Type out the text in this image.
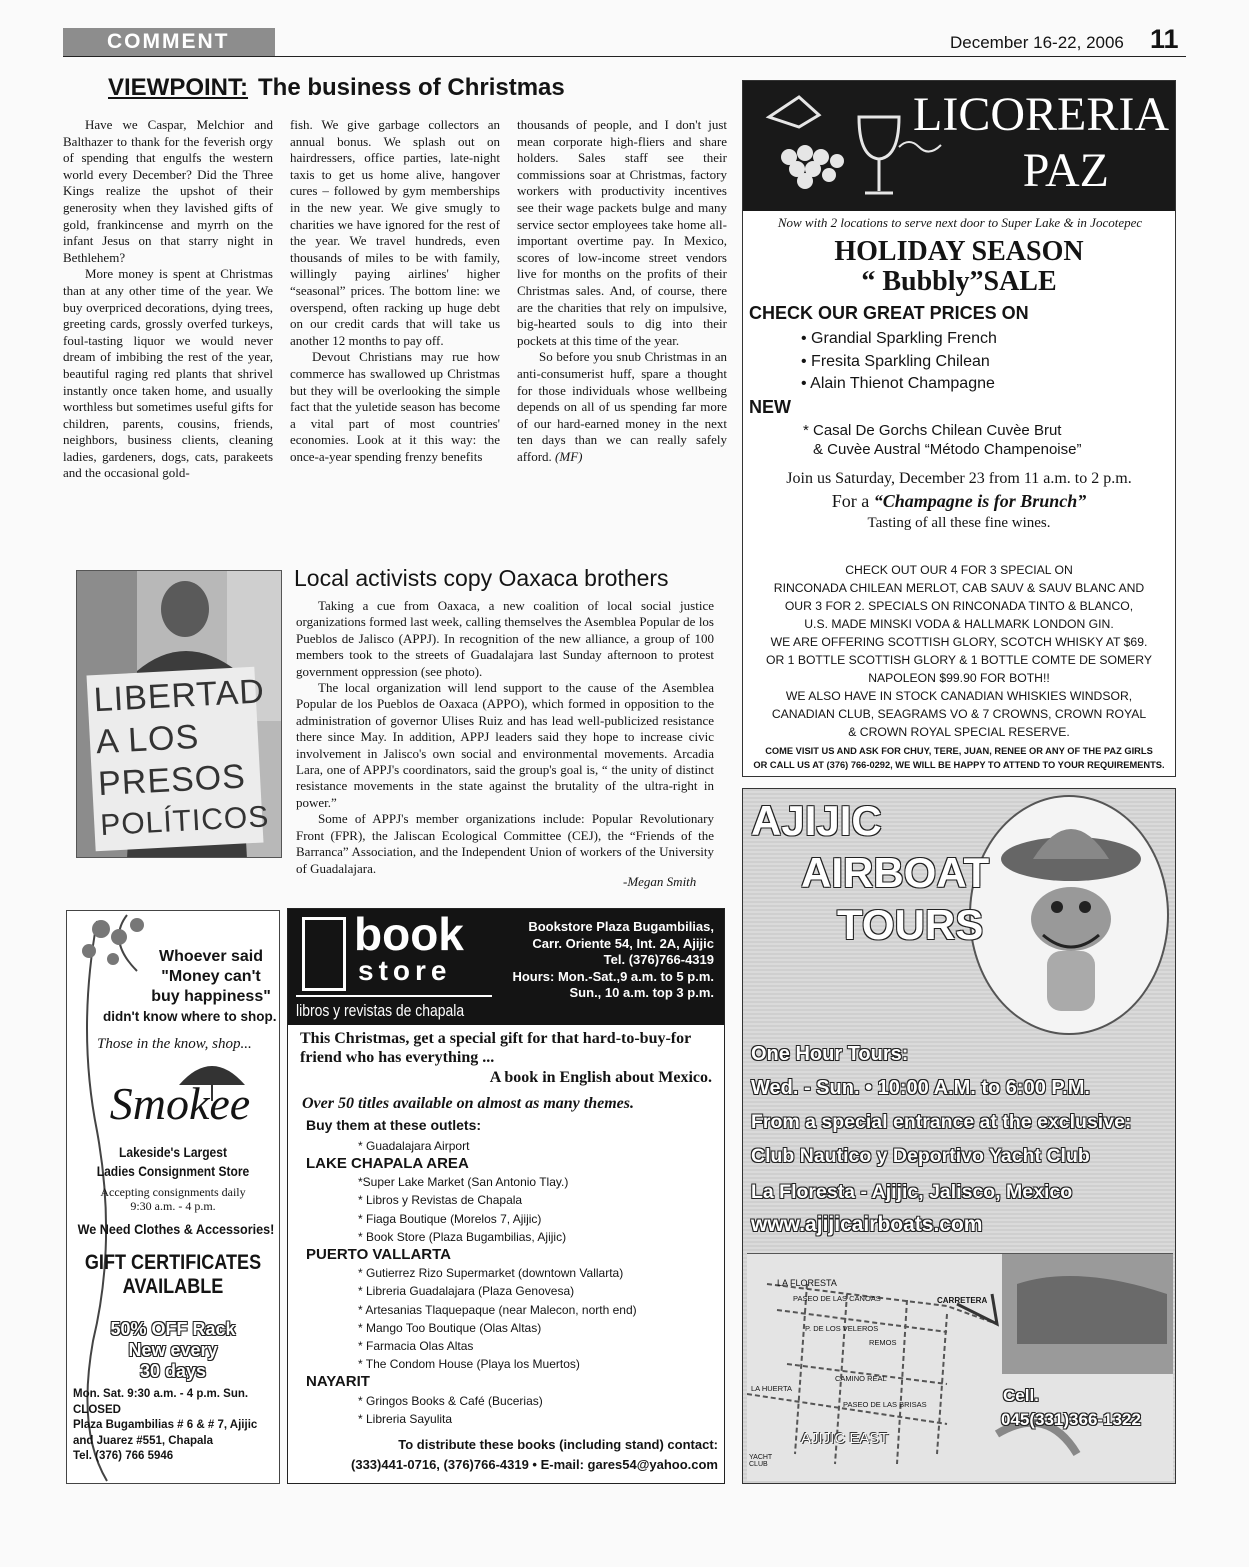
COMMENT	December 16-22, 2006 11
VIEWPOINT: The business of Christmas

Have we Caspar, Melchior and Balthazer to thank for the feverish orgy of spending that engulfs the western world every December? Did the Three Kings realize the upshot of their generosity when they lavished gifts of gold, frankincense and myrrh on the infant Jesus on that starry night in Bethlehem?

More money is spent at Christmas than at any other time of the year. We buy overpriced decorations, dying trees, greeting cards, grossly overfed turkeys, foul-tasting liquor we would never dream of imbibing the rest of the year, beautiful raging red plants that shrivel instantly once taken home, and usually worthless but sometimes useful gifts for children, parents, cousins, friends, neighbors, business clients, cleaning ladies, gardeners, dogs, cats, parakeets and the occasional gold-

fish. We give garbage collectors an annual bonus. We splash out on hairdressers, office parties, late-night taxis to get us home alive, hangover cures – followed by gym memberships in the new year. We give smugly to charities we have ignored for the rest of the year. We travel hundreds, even thousands of miles to be with family, willingly paying airlines' higher “seasonal” prices. The bottom line: we overspend, often racking up huge debt on our credit cards that will take us another 12 months to pay off.

Devout Christians may rue how commerce has swallowed up Christmas but they will be overlooking the simple fact that the yuletide season has become a vital part of most countries' economies. Look at it this way: the once-a-year spending frenzy benefits

thousands of people, and I don't just mean corporate high-fliers and share holders. Sales staff see their commissions soar at Christmas, factory workers with productivity incentives see their wage packets bulge and many service sector employees take home all-important overtime pay. In Mexico, scores of low-income street vendors live for months on the profits of their Christmas sales. And, of course, there are the charities that rely on impulsive, big-hearted souls to dig into their pockets at this time of the year.

So before you snub Christmas in an anti-consumerist huff, spare a thought for those individuals whose wellbeing depends on all of us spending far more of our hard-earned money in the next ten days than we can really safely afford. (MF)

LIBERTAD
A LOS
PRESOS
POLÍTICOS
Local activists copy Oaxaca brothers

Taking a cue from Oaxaca, a new coalition of local social justice organizations formed last week, calling themselves the Asemblea Popular de los Pueblos de Jalisco (APPJ). In recognition of the new alliance, a group of 100 members took to the streets of Guadalajara last Sunday afternoon to protest government oppression (see photo).

The local organization will lend support to the cause of the Asemblea Popular de los Pueblos de Oaxaca (APPO), which formed in opposition to the administration of governor Ulises Ruiz and has lead well-publicized resistance there since May. In addition, APPJ leaders said they hope to increase civic involvement in Jalisco's own social and environmental movements. Arcadia Lara, one of APPJ's coordinators, said the group's goal is, “ the unity of distinct resistance movements in the state against the brutality of the ultra-right in power.”

Some of APPJ's member organizations include: Popular Revolutionary Front (FPR), the Jaliscan Ecological Committee (CEJ), the “Friends of the Barranca” Association, and the Independent Union of workers of the University of Guadalajara.

-Megan Smith
LICORERIA
PAZ
Now with 2 locations to serve next door to Super Lake & in Jocotepec
HOLIDAY SEASON
“ Bubbly”SALE
CHECK OUR GREAT PRICES ON
• Grandial Sparkling French
• Fresita Sparkling Chilean
• Alain Thienot Champagne
NEW
* Casal De Gorchs Chilean Cuvèe Brut
& Cuvèe Austral “Método Champenoise”
Join us Saturday, December 23 from 11 a.m. to 2 p.m.
For a “Champagne is for Brunch”
Tasting of all these fine wines.
CHECK OUT OUR 4 FOR 3 SPECIAL ON
RINCONADA CHILEAN MERLOT, CAB SAUV & SAUV BLANC AND
OUR 3 FOR 2. SPECIALS ON RINCONADA TINTO & BLANCO,
U.S. MADE MINSKI VODA & HALLMARK LONDON GIN.
WE ARE OFFERING SCOTTISH GLORY, SCOTCH WHISKY AT $69.
OR 1 BOTTLE SCOTTISH GLORY & 1 BOTTLE COMTE DE SOMERY
NAPOLEON $99.90 FOR BOTH!!
WE ALSO HAVE IN STOCK CANADIAN WHISKIES WINDSOR,
CANADIAN CLUB, SEAGRAMS VO & 7 CROWNS, CROWN ROYAL
& CROWN ROYAL SPECIAL RESERVE.
COME VISIT US AND ASK FOR CHUY, TERE, JUAN, RENEE OR ANY OF THE PAZ GIRLS
OR CALL US AT (376) 766-0292, WE WILL BE HAPPY TO ATTEND TO YOUR REQUIREMENTS.
Whoever said
"Money can't
buy happiness"
didn't know where to shop.
Those in the know, shop...
Smokee
Lakeside's Largest
Ladies Consignment Store
Accepting consignments daily
9:30 a.m. - 4 p.m.
We Need Clothes & Accessories!
GIFT CERTIFICATES
AVAILABLE
50% OFF Rack
New every
30 days
Mon. Sat. 9:30 a.m. - 4 p.m. Sun.
CLOSED
Plaza Bugambilias # 6 & # 7, Ajijic
and Juarez #551, Chapala
Tel. (376) 766 5946
book
store
libros y revistas de chapala
Bookstore Plaza Bugambilias,
Carr. Oriente 54, Int. 2A, Ajijic
Tel. (376)766-4319
Hours: Mon.-Sat.,9 a.m. to 5 p.m.
Sun., 10 a.m. top 3 p.m.
This Christmas, get a special gift for that hard-to-buy-for friend who has everything ...
A book in English about Mexico.
Over 50 titles available on almost as many themes.
Buy them at these outlets:
* Guadalajara Airport
LAKE CHAPALA AREA
*Super Lake Market (San Antonio Tlay.)
* Libros y Revistas de Chapala
* Fiaga Boutique (Morelos 7, Ajijic)
* Book Store (Plaza Bugambilias, Ajijic)
PUERTO VALLARTA
* Gutierrez Rizo Supermarket (downtown Vallarta)
* Libreria Guadalajara (Plaza Genovesa)
* Artesanias Tlaquepaque (near Malecon, north end)
* Mango Too Boutique (Olas Altas)
* Farmacia Olas Altas
* The Condom House (Playa los Muertos)
NAYARIT
* Gringos Books & Café (Bucerias)
* Libreria Sayulita
To distribute these books (including stand) contact:
(333)441-0716, (376)766-4319 • E-mail: gares54@yahoo.com
AJIJIC
AIRBOAT
TOURS
One Hour Tours:
Wed. - Sun. • 10:00 A.M. to 6:00 P.M.
From a special entrance at the exclusive:
Club Nautico y Deportivo Yacht Club
La Floresta - Ajijic, Jalisco, Mexico
www.ajijicairboats.com
LA FLORESTA
PASEO DE LAS CANOAS	CARRETERA
P. DE LOS VELEROS
REMOS
CAMINO REAL
PASEO DE LAS BRISAS
LA HUERTA
AJIJIC EAST
YACHT CLUB
Cell.
045(331)366-1322
